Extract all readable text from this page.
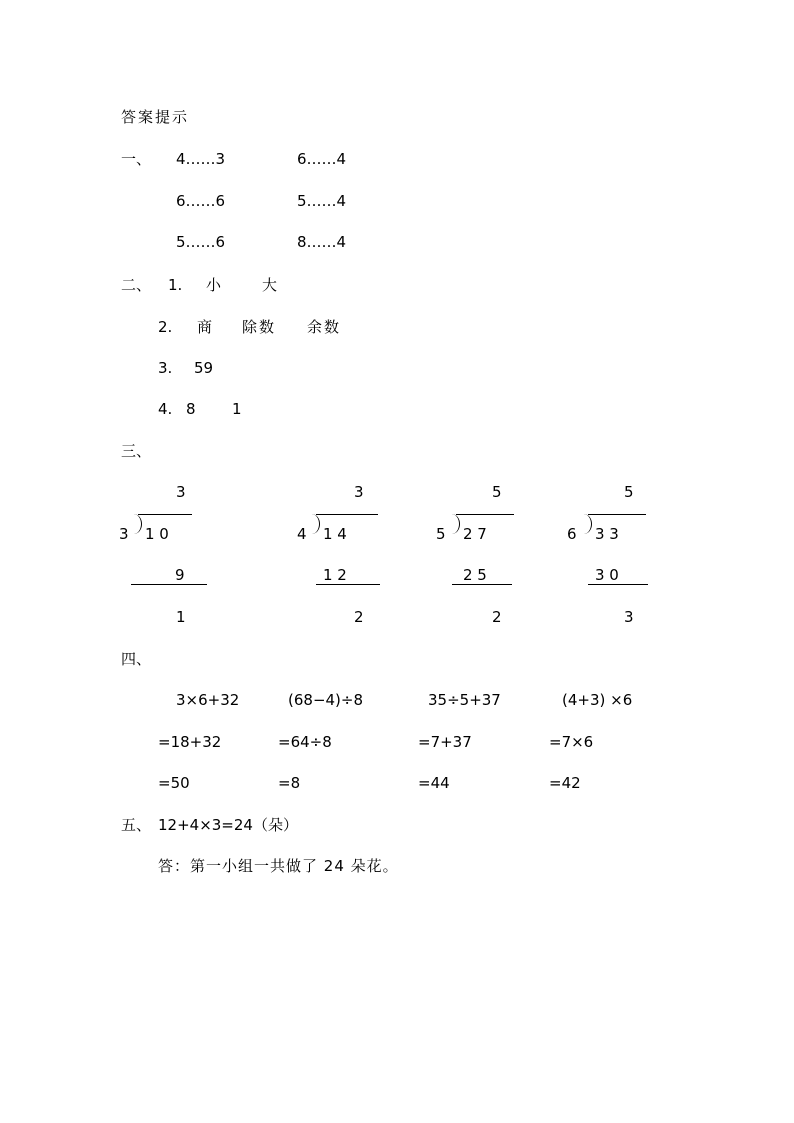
答案提示
一、 4……3	6……4
6……6	5……4
5……6	8……4
二、 1. 小	大
2. 商 除数 余数
3. 59
4. 8 1
三、
3
3 1 0
9
1
3
4 1 4
1 2
2
5
5 2 7
2 5
2
5
6 3 3
3 0
3
四、
3×6+32
=18+32
=50
(68−4)÷8
=64÷8
=8
35÷5+37
=7+37
=44
(4+3) ×6
=7×6
=42
五、 12+4×3=24（朵）
答：第一小组一共做了 24 朵花。
